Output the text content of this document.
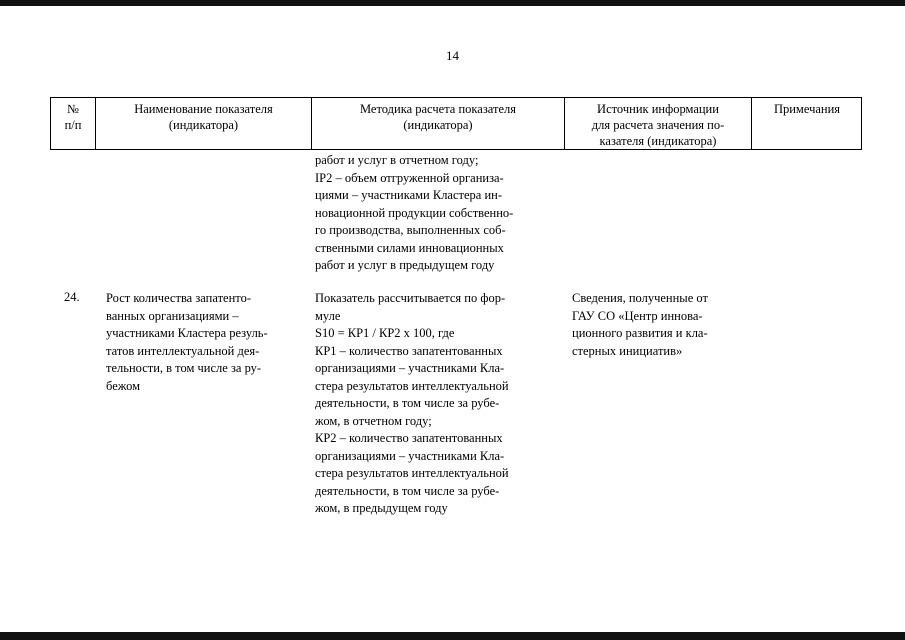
14
№
п/п
Наименование показателя
(индикатора)
Методика расчета показателя
(индикатора)
Источник информации
для расчета значения по-
казателя (индикатора)
Примечания
работ и услуг в отчетном году;
IP2 – объем отгруженной организа-
циями – участниками Кластера ин-
новационной продукции собственно-
го производства, выполненных соб-
ственными силами инновационных
работ и услуг в предыдущем году
24. Рост количества запатенто-
ванных организациями –
участниками Кластера резуль-
татов интеллектуальной дея-
тельности, в том числе за ру-
бежом
Показатель рассчитывается по фор-
муле
S10 = КР1 / КР2 х 100, где
КР1 – количество запатентованных
организациями – участниками Кла-
стера результатов интеллектуальной
деятельности, в том числе за рубе-
жом, в отчетном году;
КР2 – количество запатентованных
организациями – участниками Кла-
стера результатов интеллектуальной
деятельности, в том числе за рубе-
жом, в предыдущем году
Сведения, полученные от
ГАУ СО «Центр иннова-
ционного развития и кла-
стерных инициатив»
